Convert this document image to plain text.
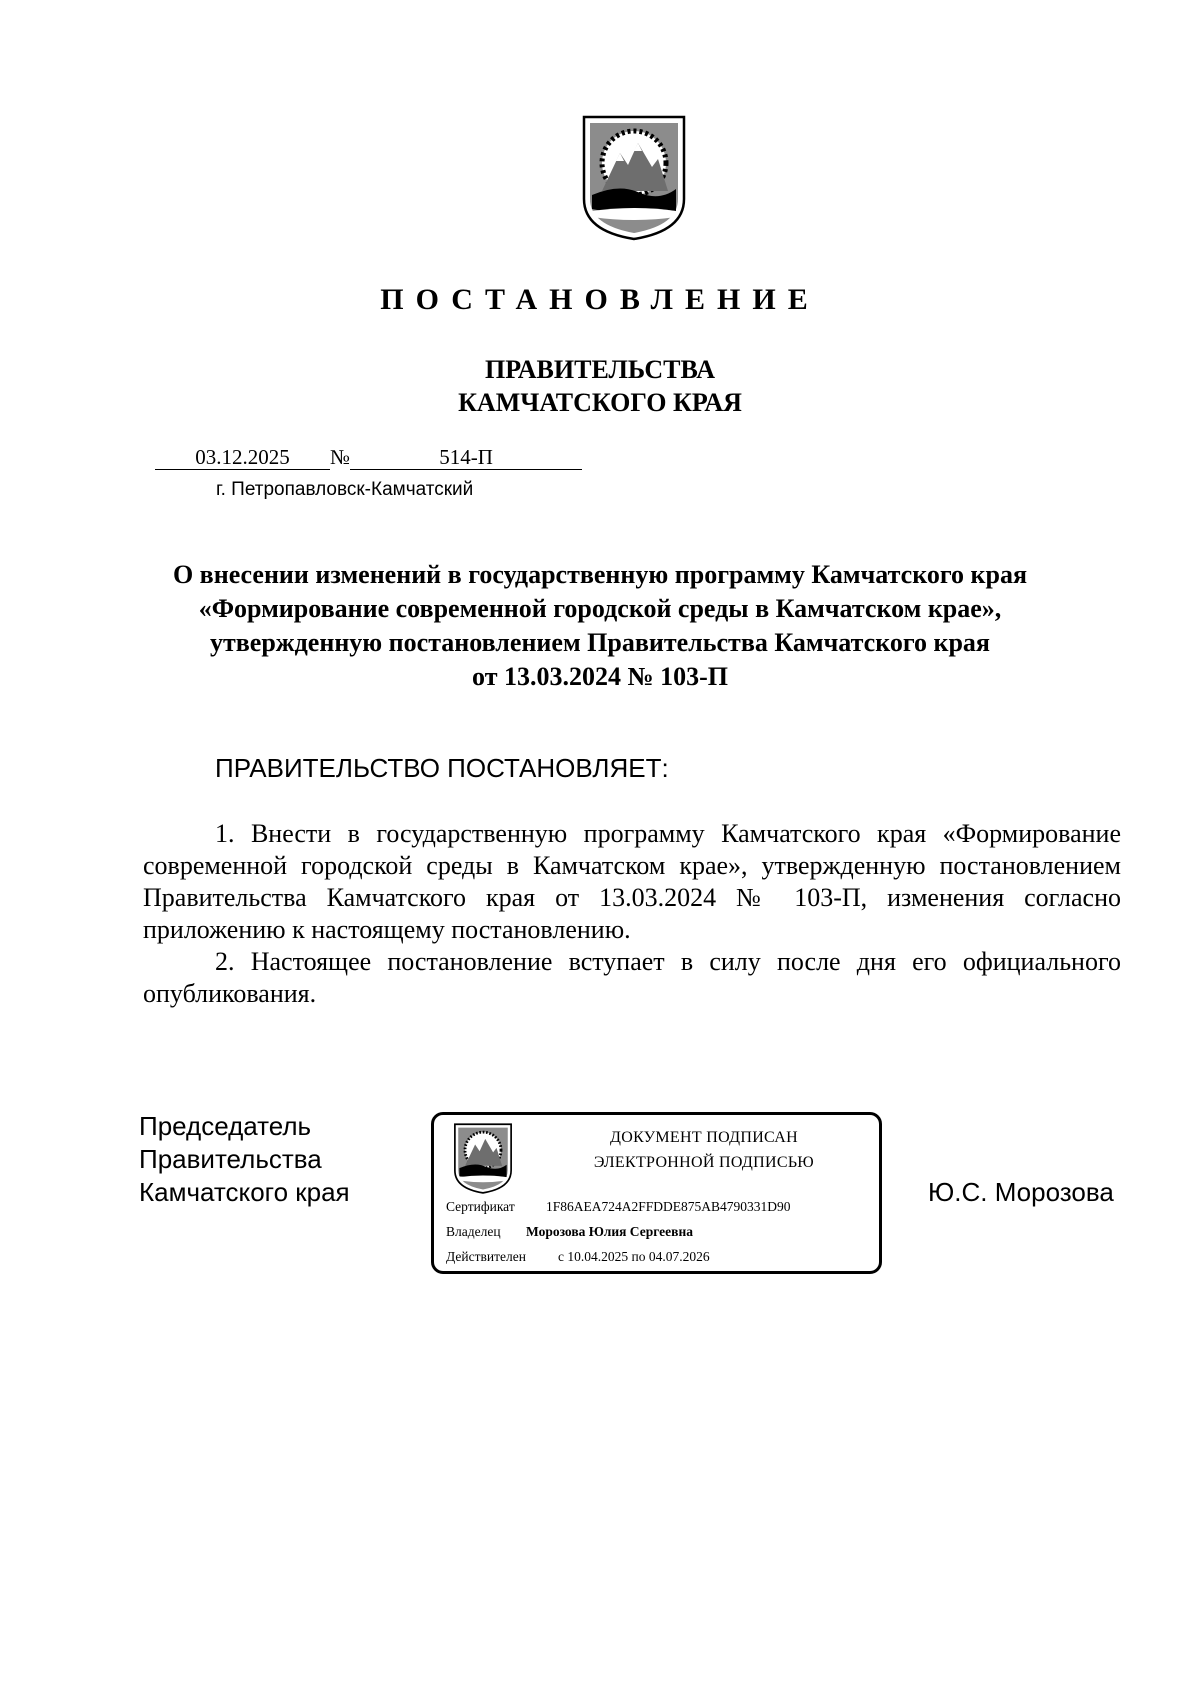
ПОСТАНОВЛЕНИЕ
ПРАВИТЕЛЬСТВА
КАМЧАТСКОГО КРАЯ
03.12.2025 №	514-П
г. Петропавловск-Камчатский
О внесении изменений в государственную программу Камчатского края
«Формирование современной городской среды в Камчатском крае»,
утвержденную постановлением Правительства Камчатского края
от 13.03.2024 № 103-П
ПРАВИТЕЛЬСТВО ПОСТАНОВЛЯЕТ:

1. Внести в государственную программу Камчатского края «Формирование современной городской среды в Камчатском крае», утвержденную постановлением Правительства Камчатского края от 13.03.2024 № 103-П, изменения согласно приложению к настоящему постановлению.

2. Настоящее постановление вступает в силу после дня его официального опубликования.

Председатель
Правительства
Камчатского края
ДОКУМЕНТ ПОДПИСАН
ЭЛЕКТРОННОЙ ПОДПИСЬЮ
Сертификат 1F86AEA724A2FFDDE875AB4790331D90
Владелец Морозова Юлия Сергеевна
Действителен с 10.04.2025 по 04.07.2026
Ю.С. Морозова
